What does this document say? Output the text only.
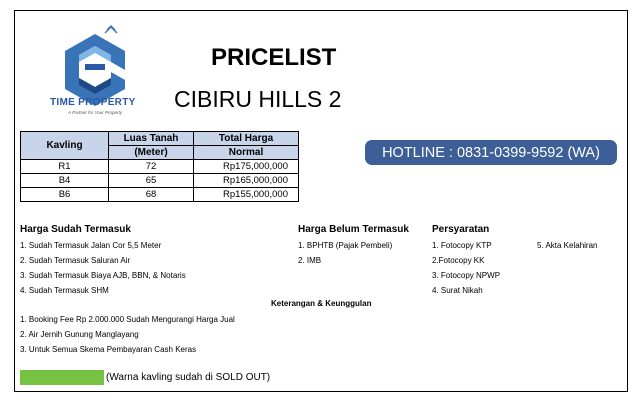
TIME PROPERTY
A Partner for Your Property
PRICELIST
CIBIRU HILLS 2
Kavling	Luas Tanah	Total Harga
	(Meter)	Normal
R1	72	Rp175,000,000
B4	65	Rp165,000,000
B6	68	Rp155,000,000
HOTLINE : 0831-0399-9592 (WA)
Harga Sudah Termasuk
1. Sudah Termasuk Jalan Cor 5,5 Meter
2. Sudah Termasuk Saluran Air
3. Sudah Termasuk Biaya AJB, BBN, & Notaris
4. Sudah Termasuk SHM
Harga Belum Termasuk
1. BPHTB (Pajak Pembeli)
2. IMB
Persyaratan
1. Fotocopy KTP
2.Fotocopy KK
3. Fotocopy NPWP
4. Surat Nikah
5. Akta Kelahiran
Keterangan & Keunggulan
1. Booking Fee Rp 2.000.000 Sudah Mengurangi Harga Jual
2. Air Jernih Gunung Manglayang
3. Untuk Semua Skema Pembayaran Cash Keras
(Warna kavling sudah di SOLD OUT)
